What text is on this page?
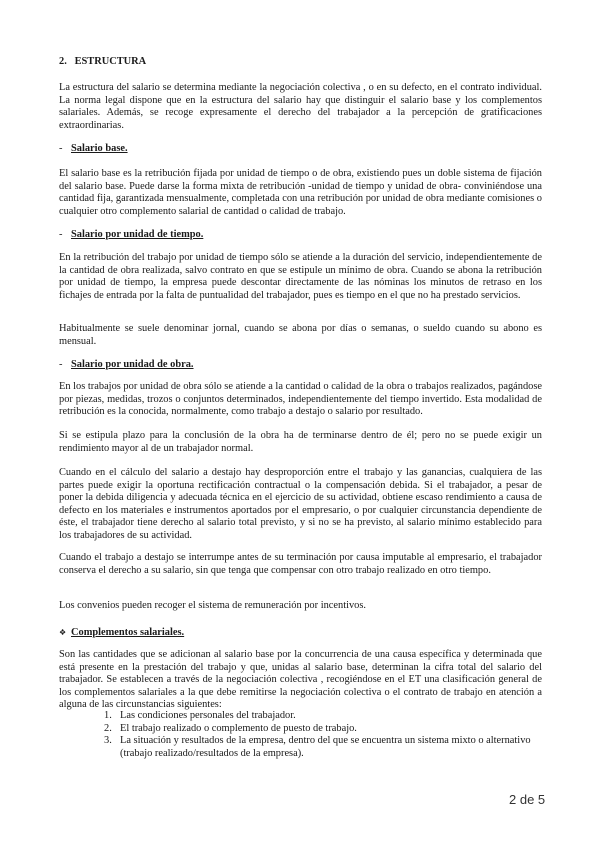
2. ESTRUCTURA

La estructura del salario se determina mediante la negociación colectiva , o en su defecto, en el contrato individual. La norma legal dispone que en la estructura del salario hay que distinguir el salario base y los complementos salariales. Además, se recoge expresamente el derecho del trabajador a la percepción de gratificaciones extraordinarias.

- Salario base.

El salario base es la retribución fijada por unidad de tiempo o de obra, existiendo pues un doble sistema de fijación del salario base. Puede darse la forma mixta de retribución -unidad de tiempo y unidad de obra- conviniéndose una cantidad fija, garantizada mensualmente, completada con una retribución por unidad de obra mediante comisiones o cualquier otro complemento salarial de cantidad o calidad de trabajo.

- Salario por unidad de tiempo.

En la retribución del trabajo por unidad de tiempo sólo se atiende a la duración del servicio, independientemente de la cantidad de obra realizada, salvo contrato en que se estipule un mínimo de obra. Cuando se abona la retribución por unidad de tiempo, la empresa puede descontar directamente de las nóminas los minutos de retraso en los fichajes de entrada por la falta de puntualidad del trabajador, pues es tiempo en el que no ha prestado servicios.

Habitualmente se suele denominar jornal, cuando se abona por días o semanas, o sueldo cuando su abono es mensual.

- Salario por unidad de obra.

En los trabajos por unidad de obra sólo se atiende a la cantidad o calidad de la obra o trabajos realizados, pagándose por piezas, medidas, trozos o conjuntos determinados, independientemente del tiempo invertido. Esta modalidad de retribución es la conocida, normalmente, como trabajo a destajo o salario por resultado.

Si se estipula plazo para la conclusión de la obra ha de terminarse dentro de él; pero no se puede exigir un rendimiento mayor al de un trabajador normal.

Cuando en el cálculo del salario a destajo hay desproporción entre el trabajo y las ganancias, cualquiera de las partes puede exigir la oportuna rectificación contractual o la compensación debida. Si el trabajador, a pesar de poner la debida diligencia y adecuada técnica en el ejercicio de su actividad, obtiene escaso rendimiento a causa de defecto en los materiales e instrumentos aportados por el empresario, o por cualquier circunstancia dependiente de éste, el trabajador tiene derecho al salario total previsto, y si no se ha previsto, al salario mínimo establecido para los trabajadores de su actividad.

Cuando el trabajo a destajo se interrumpe antes de su terminación por causa imputable al empresario, el trabajador conserva el derecho a su salario, sin que tenga que compensar con otro trabajo realizado en otro tiempo.

Los convenios pueden recoger el sistema de remuneración por incentivos.

❖ Complementos salariales.

Son las cantidades que se adicionan al salario base por la concurrencia de una causa específica y determinada que está presente en la prestación del trabajo y que, unidas al salario base, determinan la cifra total del salario del trabajador. Se establecen a través de la negociación colectiva , recogiéndose en el ET una clasificación general de los complementos salariales a la que debe remitirse la negociación colectiva o el contrato de trabajo en atención a alguna de las circunstancias siguientes:

1. Las condiciones personales del trabajador.
2. El trabajo realizado o complemento de puesto de trabajo.
3. La situación y resultados de la empresa, dentro del que se encuentra un sistema mixto o alternativo (trabajo realizado/resultados de la empresa).
2 de 5
